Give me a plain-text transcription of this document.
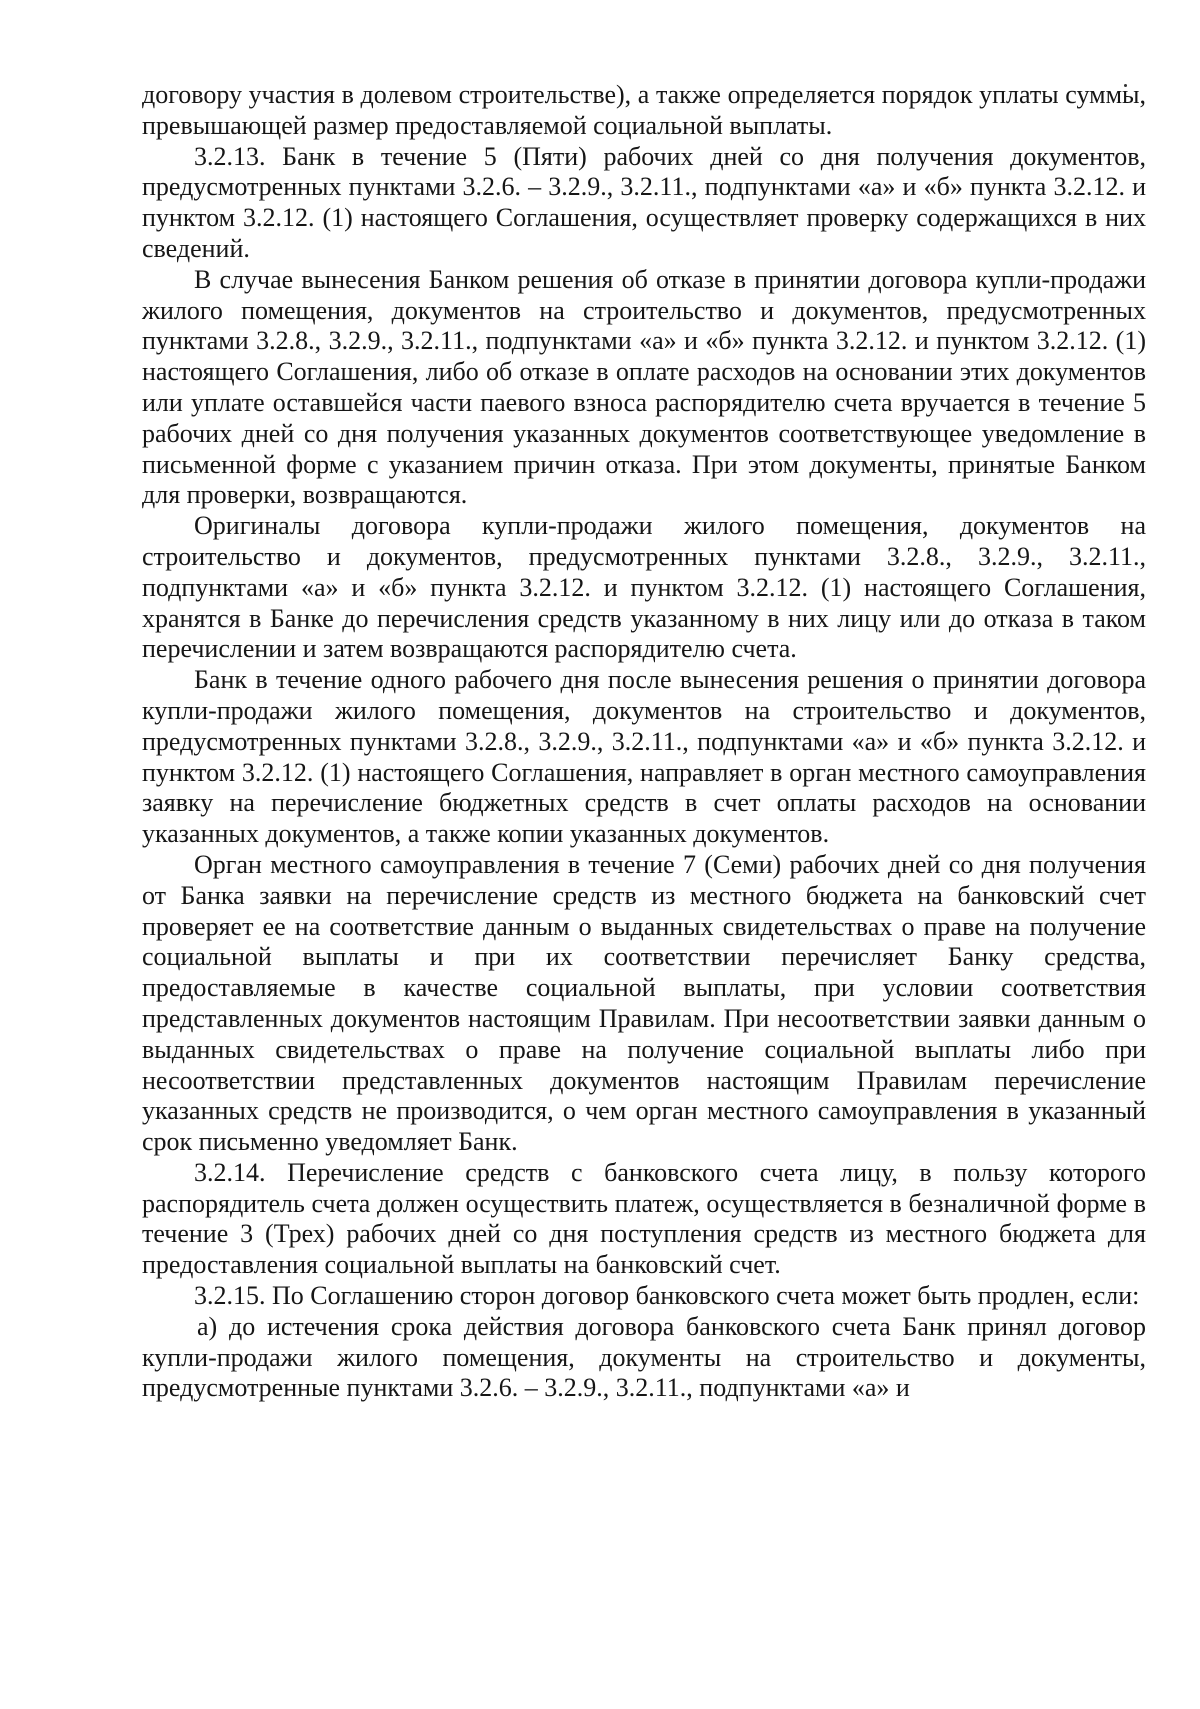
договору участия в долевом строительстве), а также определяется порядок уплаты суммы, превышающей размер предоставляемой социальной выплаты.

3.2.13. Банк в течение 5 (Пяти) рабочих дней со дня получения документов, предусмотренных пунктами 3.2.6. – 3.2.9., 3.2.11., подпунктами «а» и «б» пункта 3.2.12. и пунктом 3.2.12. (1) настоящего Соглашения, осуществляет проверку содержащихся в них сведений.

В случае вынесения Банком решения об отказе в принятии договора купли-продажи жилого помещения, документов на строительство и документов, предусмотренных пунктами 3.2.8., 3.2.9., 3.2.11., подпунктами «а» и «б» пункта 3.2.12. и пунктом 3.2.12. (1) настоящего Соглашения, либо об отказе в оплате расходов на основании этих документов или уплате оставшейся части паевого взноса распорядителю счета вручается в течение 5 рабочих дней со дня получения указанных документов соответствующее уведомление в письменной форме с указанием причин отказа. При этом документы, принятые Банком для проверки, возвращаются.

Оригиналы договора купли-продажи жилого помещения, документов на строительство и документов, предусмотренных пунктами 3.2.8., 3.2.9., 3.2.11., подпунктами «а» и «б» пункта 3.2.12. и пунктом 3.2.12. (1) настоящего Соглашения, хранятся в Банке до перечисления средств указанному в них лицу или до отказа в таком перечислении и затем возвращаются распорядителю счета.

Банк в течение одного рабочего дня после вынесения решения о принятии договора купли-продажи жилого помещения, документов на строительство и документов, предусмотренных пунктами 3.2.8., 3.2.9., 3.2.11., подпунктами «а» и «б» пункта 3.2.12. и пунктом 3.2.12. (1) настоящего Соглашения, направляет в орган местного самоуправления заявку на перечисление бюджетных средств в счет оплаты расходов на основании указанных документов, а также копии указанных документов.

Орган местного самоуправления в течение 7 (Семи) рабочих дней со дня получения от Банка заявки на перечисление средств из местного бюджета на банковский счет проверяет ее на соответствие данным о выданных свидетельствах о праве на получение социальной выплаты и при их соответствии перечисляет Банку средства, предоставляемые в качестве социальной выплаты, при условии соответствия представленных документов настоящим Правилам. При несоответствии заявки данным о выданных свидетельствах о праве на получение социальной выплаты либо при несоответствии представленных документов настоящим Правилам перечисление указанных средств не производится, о чем орган местного самоуправления в указанный срок письменно уведомляет Банк.

3.2.14. Перечисление средств с банковского счета лицу, в пользу которого распорядитель счета должен осуществить платеж, осуществляется в безналичной форме в течение 3 (Трех) рабочих дней со дня поступления средств из местного бюджета для предоставления социальной выплаты на банковский счет.

3.2.15. По Соглашению сторон договор банковского счета может быть продлен, если:

а) до истечения срока действия договора банковского счета Банк принял договор купли-продажи жилого помещения, документы на строительство и документы, предусмотренные пунктами 3.2.6. – 3.2.9., 3.2.11., подпунктами «а» и
